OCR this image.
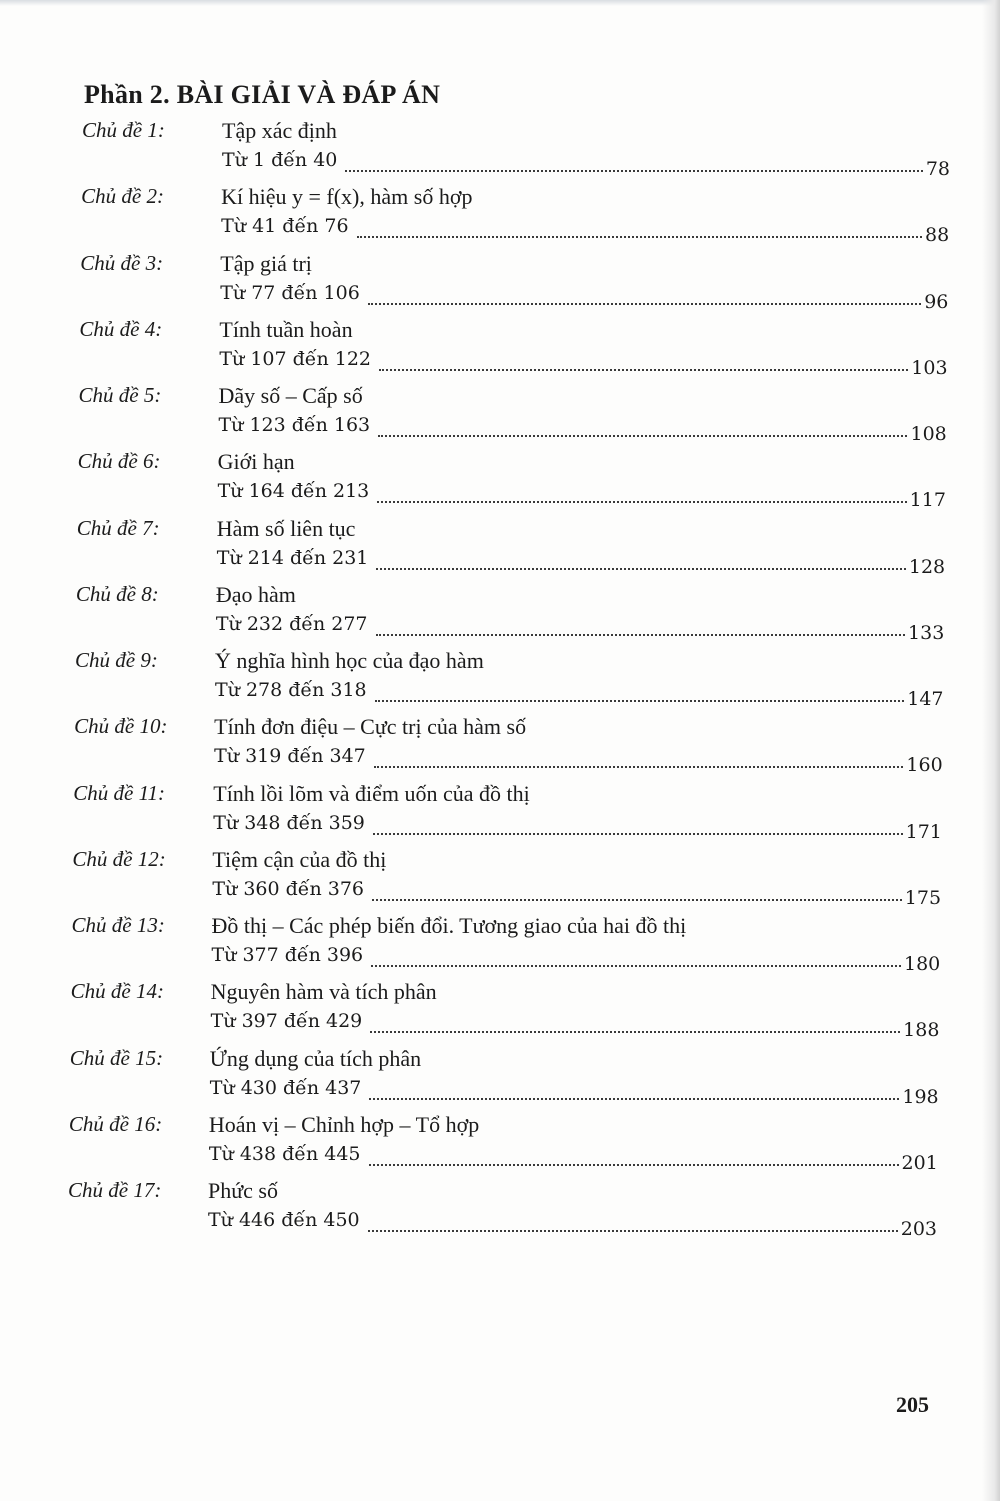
Phần 2. BÀI GIẢI VÀ ĐÁP ÁN
Chủ đề 1:	Tập xác định
Từ 1 đến 40	78
Chủ đề 2:	Kí hiệu y = f(x), hàm số hợp
Từ 41 đến 76	88
Chủ đề 3:	Tập giá trị
Từ 77 đến 106	96
Chủ đề 4:	Tính tuần hoàn
Từ 107 đến 122	103
Chủ đề 5:	Dãy số – Cấp số
Từ 123 đến 163	108
Chủ đề 6:	Giới hạn
Từ 164 đến 213	117
Chủ đề 7:	Hàm số liên tục
Từ 214 đến 231	128
Chủ đề 8:	Đạo hàm
Từ 232 đến 277	133
Chủ đề 9:	Ý nghĩa hình học của đạo hàm
Từ 278 đến 318	147
Chủ đề 10: Tính đơn điệu – Cực trị của hàm số
Từ 319 đến 347	160
Chủ đề 11: Tính lồi lõm và điểm uốn của đồ thị
Từ 348 đến 359	171
Chủ đề 12: Tiệm cận của đồ thị
Từ 360 đến 376	175
Chủ đề 13: Đồ thị – Các phép biến đổi. Tương giao của hai đồ thị
Từ 377 đến 396	180
Chủ đề 14: Nguyên hàm và tích phân
Từ 397 đến 429	188
Chủ đề 15: Ứng dụng của tích phân
Từ 430 đến 437	198
Chủ đề 16: Hoán vị – Chỉnh hợp – Tổ hợp
Từ 438 đến 445	201
Chủ đề 17: Phức số
Từ 446 đến 450	203
205
